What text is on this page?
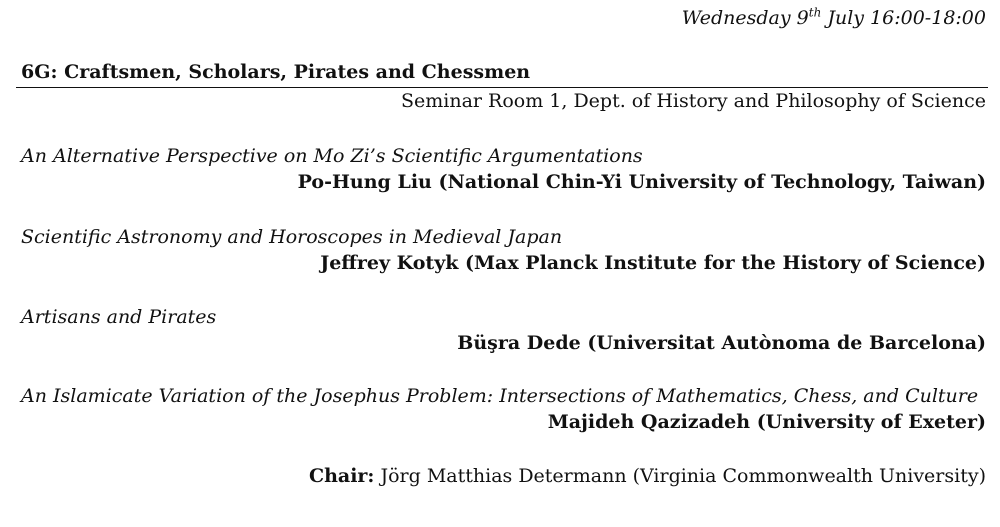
Wednesday 9th July 16:00-18:00
6G: Craftsmen, Scholars, Pirates and Chessmen
Seminar Room 1, Dept. of History and Philosophy of Science
An Alternative Perspective on Mo Zi’s Scientific Argumentations
Po-Hung Liu (National Chin-Yi University of Technology, Taiwan)
Scientific Astronomy and Horoscopes in Medieval Japan
Jeffrey Kotyk (Max Planck Institute for the History of Science)
Artisans and Pirates
Büşra Dede (Universitat Autònoma de Barcelona)
An Islamicate Variation of the Josephus Problem: Intersections of Mathematics, Chess, and Culture
Majideh Qazizadeh (University of Exeter)
Chair: Jörg Matthias Determann (Virginia Commonwealth University)
